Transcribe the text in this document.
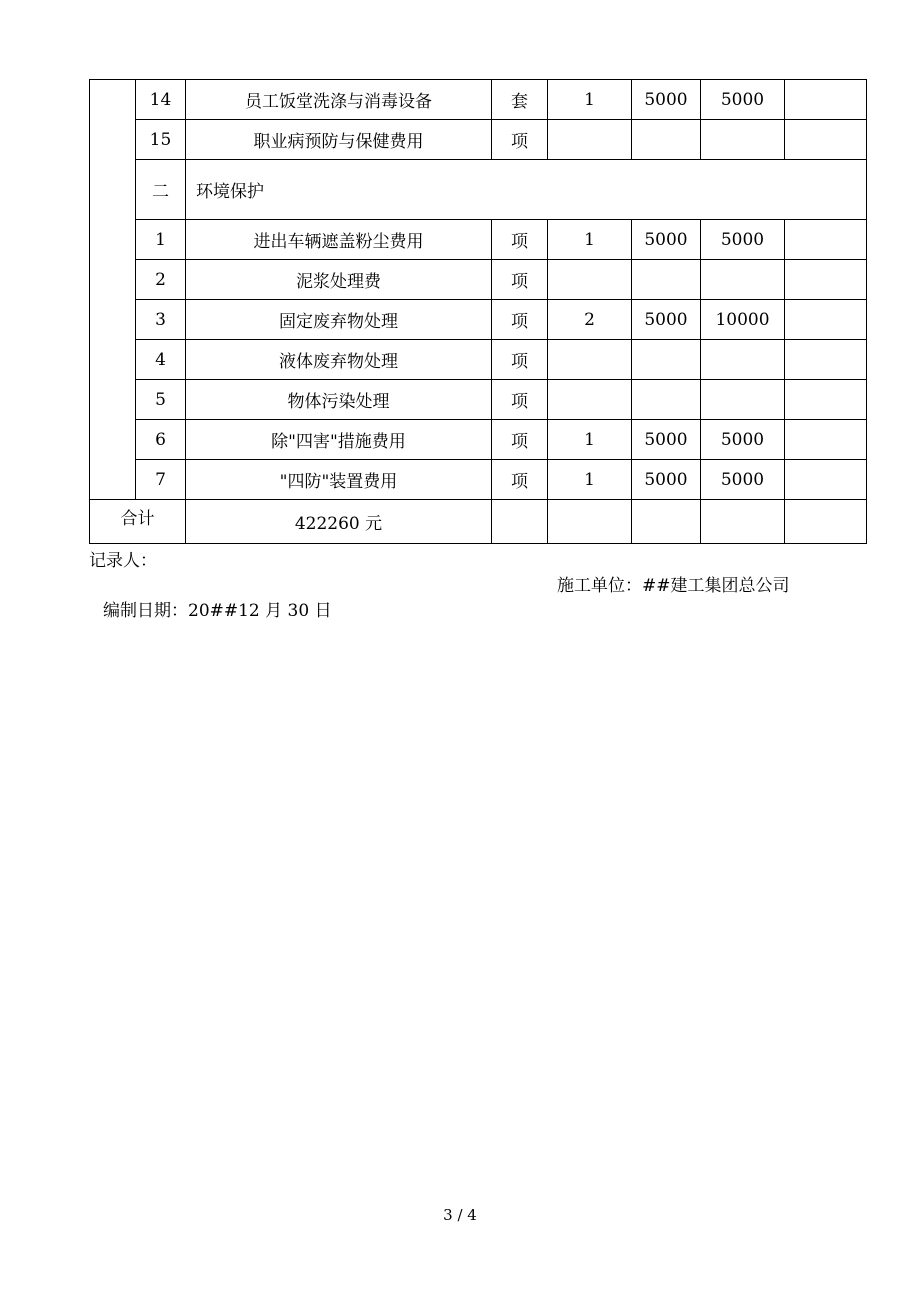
	14	员工饭堂洗涤与消毒设备	套	1	5000	5000	
	15	职业病预防与保健费用	项				
	二	环境保护					
	1	进出车辆遮盖粉尘费用	项	1	5000	5000	
	2	泥浆处理费	项				
	3	固定废弃物处理	项	2	5000	10000	
	4	液体废弃物处理	项				
	5	物体污染处理	项				
	6	除"四害"措施费用	项	1	5000	5000	
	7	"四防"装置费用	项	1	5000	5000	
合计		422260 元					
记录人：
施工单位：##建工集团总公司
编制日期：20##12 月 30 日
3 / 4
